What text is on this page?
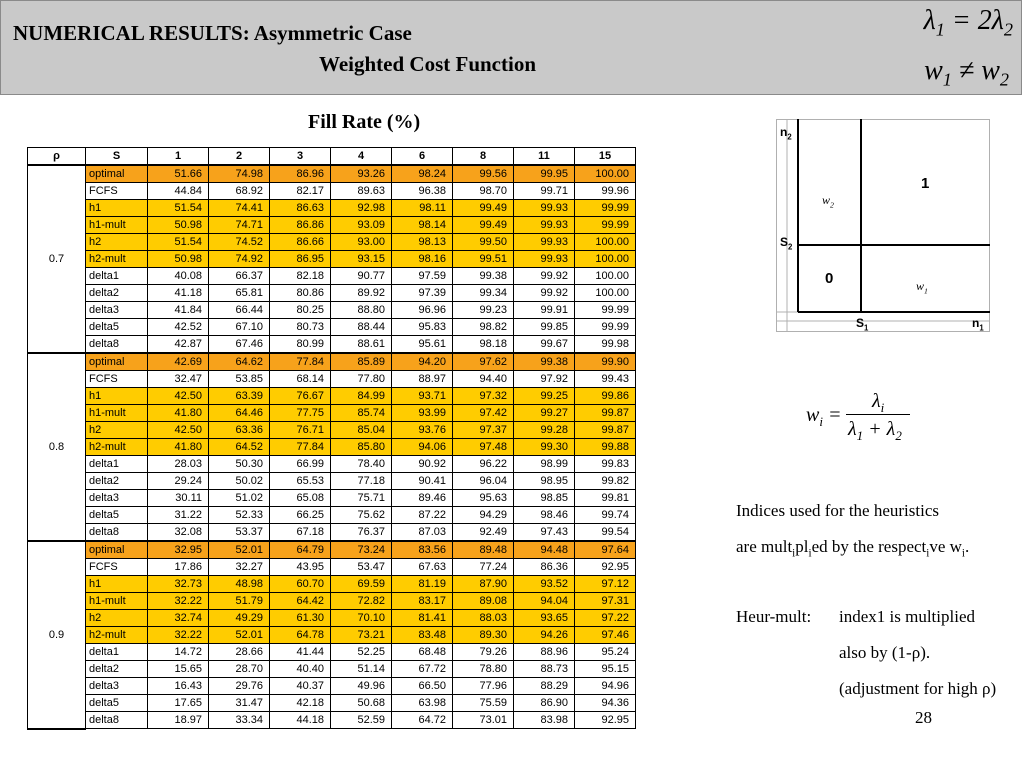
NUMERICAL RESULTS: Asymmetric Case
Weighted Cost Function
$\lambda_1 = 2\lambda_2$
$w_1 \ne w_2$
Fill Rate (%)
ρ	S	1	2	3	4	6	8	11	15
0.7	optimal	51.66	74.98	86.96	93.26	98.24	99.56	99.95	100.00
	FCFS	44.84	68.92	82.17	89.63	96.38	98.70	99.71	99.96
	h1	51.54	74.41	86.63	92.98	98.11	99.49	99.93	99.99
	h1-mult	50.98	74.71	86.86	93.09	98.14	99.49	99.93	99.99
	h2	51.54	74.52	86.66	93.00	98.13	99.50	99.93	100.00
	h2-mult	50.98	74.92	86.95	93.15	98.16	99.51	99.93	100.00
	delta1	40.08	66.37	82.18	90.77	97.59	99.38	99.92	100.00
	delta2	41.18	65.81	80.86	89.92	97.39	99.34	99.92	100.00
	delta3	41.84	66.44	80.25	88.80	96.96	99.23	99.91	99.99
	delta5	42.52	67.10	80.73	88.44	95.83	98.82	99.85	99.99
	delta8	42.87	67.46	80.99	88.61	95.61	98.18	99.67	99.98
0.8	optimal	42.69	64.62	77.84	85.89	94.20	97.62	99.38	99.90
	FCFS	32.47	53.85	68.14	77.80	88.97	94.40	97.92	99.43
	h1	42.50	63.39	76.67	84.99	93.71	97.32	99.25	99.86
	h1-mult	41.80	64.46	77.75	85.74	93.99	97.42	99.27	99.87
	h2	42.50	63.36	76.71	85.04	93.76	97.37	99.28	99.87
	h2-mult	41.80	64.52	77.84	85.80	94.06	97.48	99.30	99.88
	delta1	28.03	50.30	66.99	78.40	90.92	96.22	98.99	99.83
	delta2	29.24	50.02	65.53	77.18	90.41	96.04	98.95	99.82
	delta3	30.11	51.02	65.08	75.71	89.46	95.63	98.85	99.81
	delta5	31.22	52.33	66.25	75.62	87.22	94.29	98.46	99.74
	delta8	32.08	53.37	67.18	76.37	87.03	92.49	97.43	99.54
0.9	optimal	32.95	52.01	64.79	73.24	83.56	89.48	94.48	97.64
	FCFS	17.86	32.27	43.95	53.47	67.63	77.24	86.36	92.95
	h1	32.73	48.98	60.70	69.59	81.19	87.90	93.52	97.12
	h1-mult	32.22	51.79	64.42	72.82	83.17	89.08	94.04	97.31
	h2	32.74	49.29	61.30	70.10	81.41	88.03	93.65	97.22
	h2-mult	32.22	52.01	64.78	73.21	83.48	89.30	94.26	97.46
	delta1	14.72	28.66	41.44	52.25	68.48	79.26	88.96	95.24
	delta2	15.65	28.70	40.40	51.14	67.72	78.80	88.73	95.15
	delta3	16.43	29.76	40.37	49.96	66.50	77.96	88.29	94.96
	delta5	17.65	31.47	42.18	50.68	63.98	75.59	86.90	94.36
	delta8	18.97	33.34	44.18	52.59	64.72	73.01	83.98	92.95
$n_2$
$S_2$
$S_1$	$n_1$
1
0
$w_2$
$w_1$
$w_i$ =
$\lambda_i$
$\lambda_1 + \lambda_2$
Indices used for the heuristics
are $mult_ipl_ied$ by the respect$_i$ve $w_i$.
Heur-mult: index1 is multiplied
also by (1-ρ).
(adjustment for high ρ)
28
